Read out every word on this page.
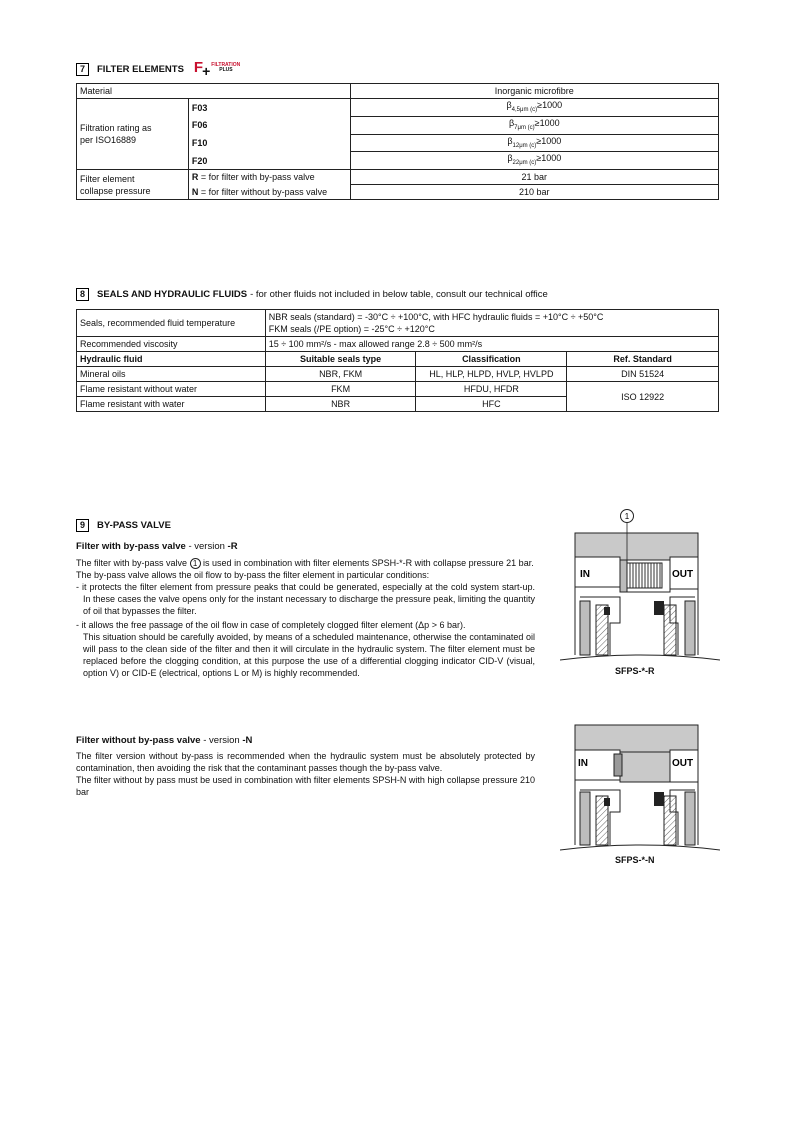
7	FILTER ELEMENTS F + FILTRATION
PLUS
Material		Inorganic microfibre
Filtration rating as
per ISO16889	F03	$\beta_{4,5\mu m (c)}\ge 1000$
	F06	$\beta_{7\mu m (c)}\ge 1000$
	F10	$\beta_{12\mu m (c)}\ge 1000$
	F20	$\beta_{22\mu m (c)}\ge 1000$
Filter element
collapse pressure	R = for filter with by-pass valve	21 bar
	N = for filter without by-pass valve	210 bar
8	SEALS AND HYDRAULIC FLUIDS - for other fluids not included in below table, consult our technical office
Seals, recommended fluid temperature	NBR seals (standard) = -30°C ÷ +100°C, with HFC hydraulic fluids = +10°C ÷ +50°C
FKM seals (/PE option) = -25°C ÷ +120°C		
Recommended viscosity	15 ÷ 100 mm²/s - max allowed range 2.8 ÷ 500 mm²/s		
Hydraulic fluid	Suitable seals type	Classification	Ref. Standard
Mineral oils	NBR, FKM	HL, HLP, HLPD, HVLP, HVLPD	DIN 51524
Flame resistant without water	FKM	HFDU, HFDR	ISO 12922
Flame resistant with water	NBR	HFC	
9	BY-PASS VALVE
Filter with by-pass valve - version -R

The filter with by-pass valve 1 is used in combination with filter elements SPSH-*-R with collapse pressure 21 bar.

The by-pass valve allows the oil flow to by-pass the filter element in particular conditions:

- it protects the filter element from pressure peaks that could be generated, especially at the cold system start-up. In these cases the valve opens only for the instant necessary to discharge the pressure peak, limiting the quantity of oil that bypasses the filter.

- it allows the free passage of the oil flow in case of completely clogged filter element (Δp > 6 bar).

This situation should be carefully avoided, by means of a scheduled maintenance, otherwise the contaminated oil will pass to the clean side of the filter and then it will circulate in the hydraulic system. The filter element must be replaced before the clogging condition, at this purpose the use of a differential clogging indicator CID-V (visual, option V) or CID-E (electrical, options L or M) is highly recommended.

Filter without by-pass valve - version -N

The filter version without by-pass is recommended when the hydraulic system must be absolutely protected by contamination, then avoiding the risk that the contaminant passes though the by-pass valve.

The filter without by pass must be used in combination with filter elements SPSH-N with high collapse pressure 210 bar

1
IN	OUT
SFPS-*-R
IN	OUT
SFPS-*-N
